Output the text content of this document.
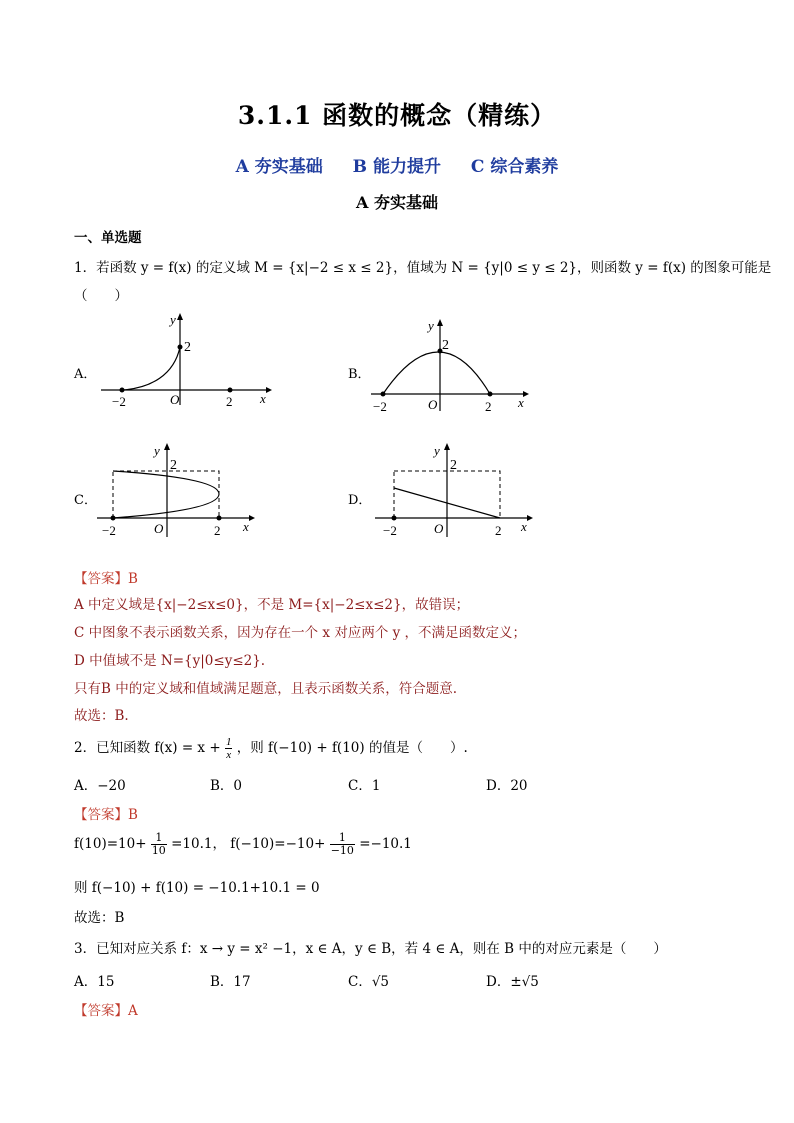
3.1.1 函数的概念（精练）
A 夯实基础 B 能力提升 C 综合素养
A 夯实基础
一、单选题
1．若函数 y = f(x) 的定义域 M = {x|−2 ≤ x ≤ 2}，值域为 N = {y|0 ≤ y ≤ 2}，则函数 y = f(x) 的图象可能是
（　　）
A．
2
y
x
O
−2	2
B．
2
y
x
O
−2	2
C．
2
y
x
O
−2	2
D．
2
y
x
O
−2	2
【答案】B
A 中定义域是{x|−2≤x≤0}，不是 M={x|−2≤x≤2}，故错误；
C 中图象不表示函数关系，因为存在一个 x 对应两个 y ，不满足函数定义；
D 中值域不是 N={y|0≤y≤2}.
只有B 中的定义域和值域满足题意，且表示函数关系，符合题意.
故选：B.
2．已知函数 $f(x) = x + \frac{1}{x}$ ，则 f(−10) + f(10) 的值是（　　）.
A．−20	B．0	C．1	D．20
【答案】B
$f(10)=10+ \frac{1}{10} =10.1$， $f(-10)=-10+ \frac{1}{-10} =-10.1$
则 f(−10) + f(10) = −10.1+10.1 = 0
故选：B
3．已知对应关系 f：x → y = x² −1，x ∈ A，y ∈ B，若 4 ∈ A，则在 B 中的对应元素是（　　）
A．15	B．17	C．√5	D．±√5
【答案】A
